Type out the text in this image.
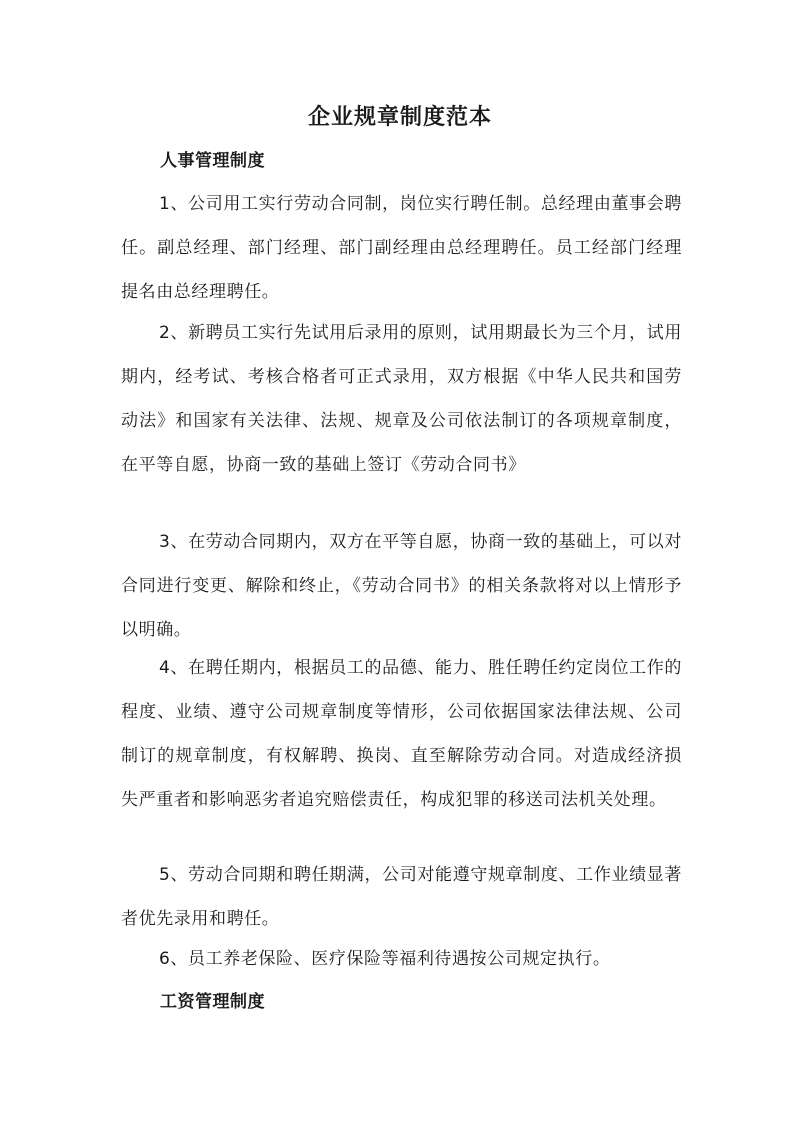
企业规章制度范本
人事管理制度
1、公司用工实行劳动合同制，岗位实行聘任制。总经理由董事会聘任。副总经理、部门经理、部门副经理由总经理聘任。员工经部门经理提名由总经理聘任。
2、新聘员工实行先试用后录用的原则，试用期最长为三个月，试用期内，经考试、考核合格者可正式录用，双方根据《中华人民共和国劳动法》和国家有关法律、法规、规章及公司依法制订的各项规章制度，在平等自愿，协商一致的基础上签订《劳动合同书》
3、在劳动合同期内，双方在平等自愿，协商一致的基础上，可以对合同进行变更、解除和终止，《劳动合同书》的相关条款将对以上情形予以明确。
4、在聘任期内，根据员工的品德、能力、胜任聘任约定岗位工作的程度、业绩、遵守公司规章制度等情形，公司依据国家法律法规、公司制订的规章制度，有权解聘、换岗、直至解除劳动合同。对造成经济损失严重者和影响恶劣者追究赔偿责任，构成犯罪的移送司法机关处理。
5、劳动合同期和聘任期满，公司对能遵守规章制度、工作业绩显著者优先录用和聘任。
6、员工养老保险、医疗保险等福利待遇按公司规定执行。
工资管理制度
